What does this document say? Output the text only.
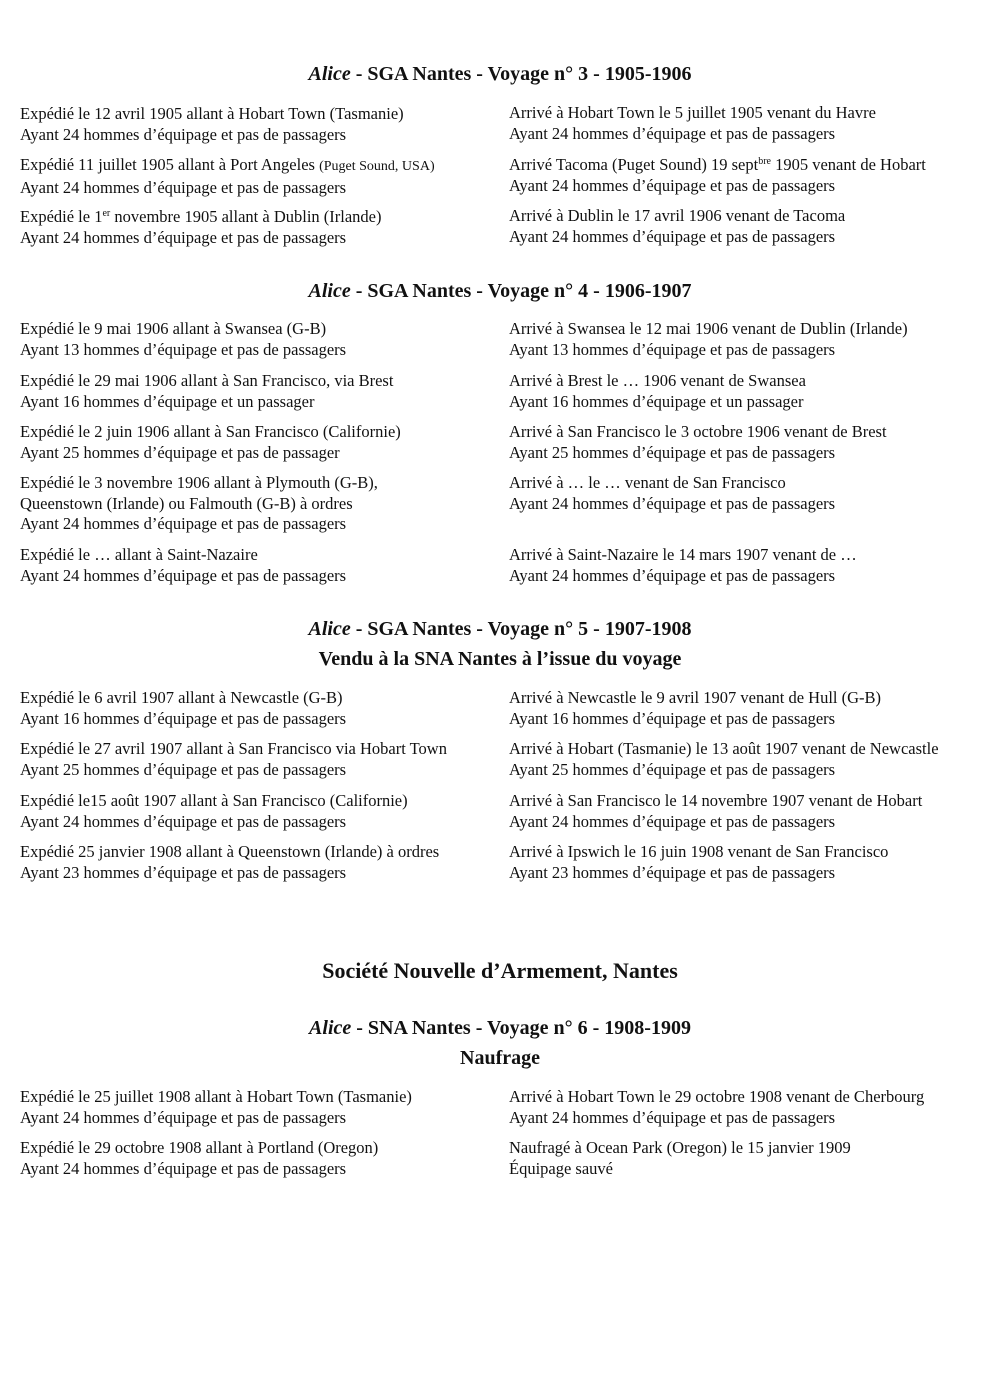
Alice - SGA Nantes - Voyage n° 3 - 1905-1906
Expédié le 12 avril 1905 allant à Hobart Town (Tasmanie)
Ayant 24 hommes d’équipage et pas de passagers
Expédié 11 juillet 1905 allant à Port Angeles (Puget Sound, USA)
Ayant 24 hommes d’équipage et pas de passagers
Expédié le 1er novembre 1905 allant à Dublin (Irlande)
Ayant 24 hommes d’équipage et pas de passagers
Arrivé à Hobart Town le 5 juillet 1905 venant du Havre
Ayant 24 hommes d’équipage et pas de passagers
Arrivé Tacoma (Puget Sound) 19 sept$^{bre}$ 1905 venant de Hobart
Ayant 24 hommes d’équipage et pas de passagers
Arrivé à Dublin le 17 avril 1906 venant de Tacoma
Ayant 24 hommes d’équipage et pas de passagers
Alice - SGA Nantes - Voyage n° 4 - 1906-1907
Expédié le 9 mai 1906 allant à Swansea (G-B)
Ayant 13 hommes d’équipage et pas de passagers
Expédié le 29 mai 1906 allant à San Francisco, via Brest
Ayant 16 hommes d’équipage et un passager
Expédié le 2 juin 1906 allant à San Francisco (Californie)
Ayant 25 hommes d’équipage et pas de passager
Expédié le 3 novembre 1906 allant à Plymouth (G-B),
Queenstown (Irlande) ou Falmouth (G-B) à ordres
Ayant 24 hommes d’équipage et pas de passagers
Expédié le … allant à Saint-Nazaire
Ayant 24 hommes d’équipage et pas de passagers
Arrivé à Swansea le 12 mai 1906 venant de Dublin (Irlande)
Ayant 13 hommes d’équipage et pas de passagers
Arrivé à Brest le … 1906 venant de Swansea
Ayant 16 hommes d’équipage et un passager
Arrivé à San Francisco le 3 octobre 1906 venant de Brest
Ayant 25 hommes d’équipage et pas de passagers
Arrivé à … le … venant de San Francisco
Ayant 24 hommes d’équipage et pas de passagers
Arrivé à Saint-Nazaire le 14 mars 1907 venant de …
Ayant 24 hommes d’équipage et pas de passagers
Alice - SGA Nantes - Voyage n° 5 - 1907-1908
Vendu à la SNA Nantes à l’issue du voyage
Expédié le 6 avril 1907 allant à Newcastle (G-B)
Ayant 16 hommes d’équipage et pas de passagers
Expédié le 27 avril 1907 allant à San Francisco via Hobart Town
Ayant 25 hommes d’équipage et pas de passagers
Expédié le15 août 1907 allant à San Francisco (Californie)
Ayant 24 hommes d’équipage et pas de passagers
Expédié 25 janvier 1908 allant à Queenstown (Irlande) à ordres
Ayant 23 hommes d’équipage et pas de passagers
Arrivé à Newcastle le 9 avril 1907 venant de Hull (G-B)
Ayant 16 hommes d’équipage et pas de passagers
Arrivé à Hobart (Tasmanie) le 13 août 1907 venant de Newcastle
Ayant 25 hommes d’équipage et pas de passagers
Arrivé à San Francisco le 14 novembre 1907 venant de Hobart
Ayant 24 hommes d’équipage et pas de passagers
Arrivé à Ipswich le 16 juin 1908 venant de San Francisco
Ayant 23 hommes d’équipage et pas de passagers
Société Nouvelle d’Armement, Nantes
Alice - SNA Nantes - Voyage n° 6 - 1908-1909
Naufrage
Expédié le 25 juillet 1908 allant à Hobart Town (Tasmanie)
Ayant 24 hommes d’équipage et pas de passagers
Expédié le 29 octobre 1908 allant à Portland (Oregon)
Ayant 24 hommes d’équipage et pas de passagers
Arrivé à Hobart Town le 29 octobre 1908 venant de Cherbourg
Ayant 24 hommes d’équipage et pas de passagers
Naufragé à Ocean Park (Oregon) le 15 janvier 1909
Équipage sauvé
